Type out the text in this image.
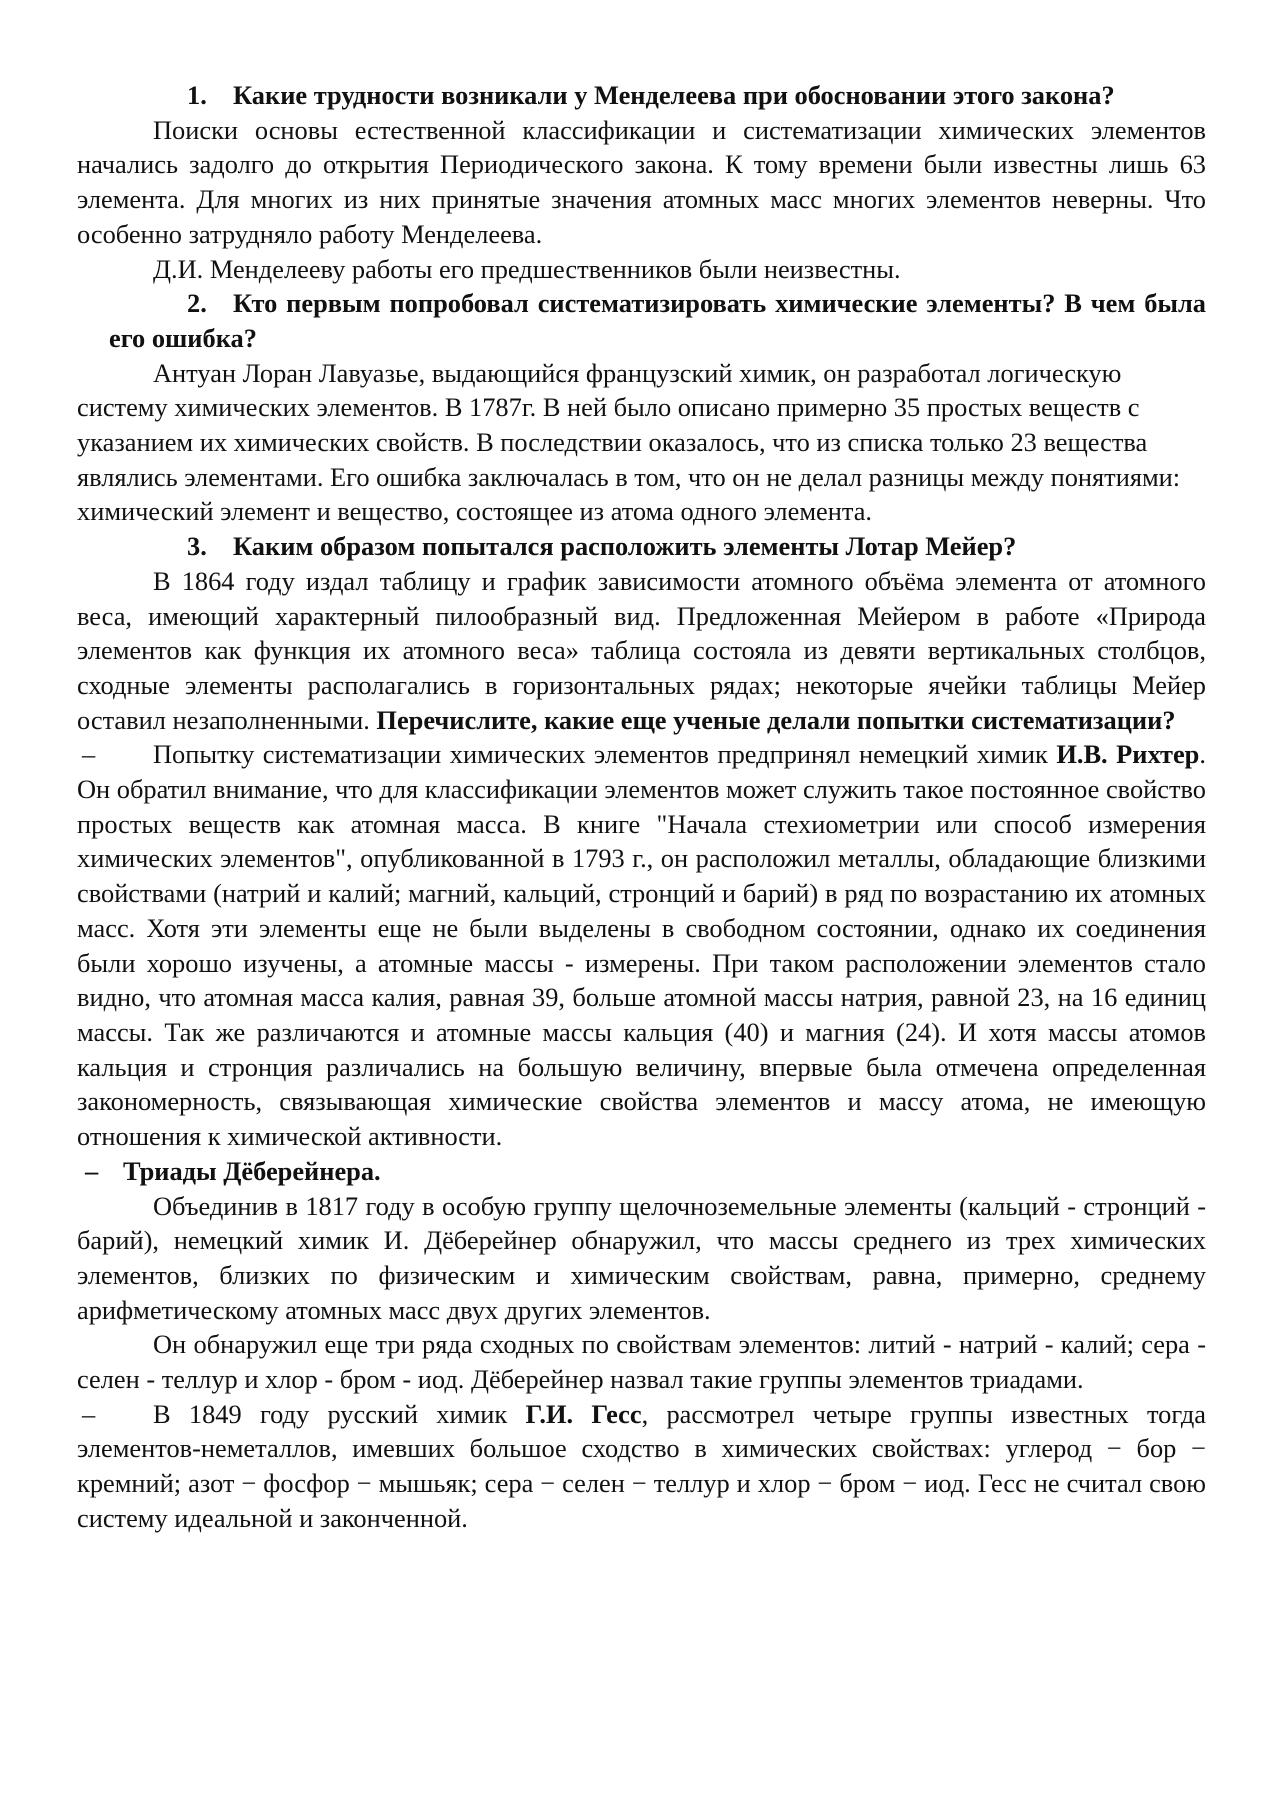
1. Какие трудности возникали у Менделеева при обосновании этого закона?

Поиски основы естественной классификации и систематизации химических элементов начались задолго до открытия Периодического закона. К тому времени были известны лишь 63 элемента. Для многих из них принятые значения атомных масс многих элементов неверны. Что особенно затрудняло работу Менделеева.

Д.И. Менделееву работы его предшественников были неизвестны.

2. Кто первым попробовал систематизировать химические элементы? В чем была его ошибка?

Антуан Лоран Лавуазье, выдающийся французский химик, он разработал логическую систему химических элементов. В 1787г. В ней было описано примерно 35 простых веществ с указанием их химических свойств. В последствии оказалось, что из списка только 23 вещества являлись элементами. Его ошибка заключалась в том, что он не делал разницы между понятиями: химический элемент и вещество, состоящее из атома одного элемента.

3. Каким образом попытался расположить элементы Лотар Мейер?

В 1864 году издал таблицу и график зависимости атомного объёма элемента от атомного веса, имеющий характерный пилообразный вид. Предложенная Мейером в работе «Природа элементов как функция их атомного веса» таблица состояла из девяти вертикальных столбцов, сходные элементы располагались в горизонтальных рядах; некоторые ячейки таблицы Мейер оставил незаполненными. Перечислите, какие еще ученые делали попытки систематизации?

– Попытку систематизации химических элементов предпринял немецкий химик И.В. Рихтер. Он обратил внимание, что для классификации элементов может служить такое постоянное свойство простых веществ как атомная масса. В книге "Начала стехиометрии или способ измерения химических элементов", опубликованной в 1793 г., он расположил металлы, обладающие близкими свойствами (натрий и калий; магний, кальций, стронций и барий) в ряд по возрастанию их атомных масс. Хотя эти элементы еще не были выделены в свободном состоянии, однако их соединения были хорошо изучены, а атомные массы - измерены. При таком расположении элементов стало видно, что атомная масса калия, равная 39, больше атомной массы натрия, равной 23, на 16 единиц массы. Так же различаются и атомные массы кальция (40) и магния (24). И хотя массы атомов кальция и стронция различались на большую величину, впервые была отмечена определенная закономерность, связывающая химические свойства элементов и массу атома, не имеющую отношения к химической активности.

– Триады Дёберейнера.

Объединив в 1817 году в особую группу щелочноземельные элементы (кальций - стронций - барий), немецкий химик И. Дёберейнер обнаружил, что массы среднего из трех химических элементов, близких по физическим и химическим свойствам, равна, примерно, среднему арифметическому атомных масс двух других элементов.

Он обнаружил еще три ряда сходных по свойствам элементов: литий - натрий - калий; сера - селен - теллур и хлор - бром - иод. Дёберейнер назвал такие группы элементов триадами.

– В 1849 году русский химик Г.И. Гесс, рассмотрел четыре группы известных тогда элементов-неметаллов, имевших большое сходство в химических свойствах: углерод − бор − кремний; азот − фосфор − мышьяк; сера − селен − теллур и хлор − бром − иод. Гесс не считал свою систему идеальной и законченной.
